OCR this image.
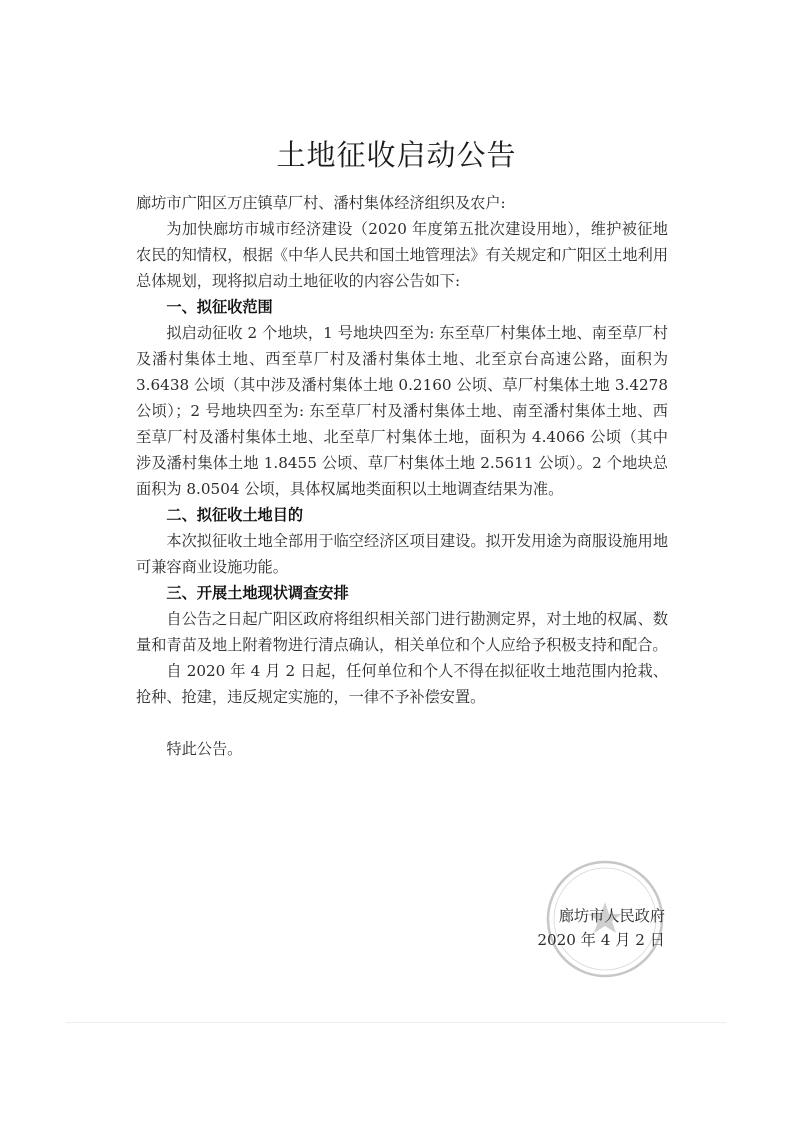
土地征收启动公告

廊坊市广阳区万庄镇草厂村、潘村集体经济组织及农户:

为加快廊坊市城市经济建设（2020 年度第五批次建设用地），维护被征地农民的知情权，根据《中华人民共和国土地管理法》有关规定和广阳区土地利用总体规划，现将拟启动土地征收的内容公告如下:

一、拟征收范围

拟启动征收 2 个地块，1 号地块四至为: 东至草厂村集体土地、南至草厂村及潘村集体土地、西至草厂村及潘村集体土地、北至京台高速公路，面积为 3.6438 公顷（其中涉及潘村集体土地 0.2160 公顷、草厂村集体土地 3.4278 公顷）；2 号地块四至为: 东至草厂村及潘村集体土地、南至潘村集体土地、西至草厂村及潘村集体土地、北至草厂村集体土地，面积为 4.4066 公顷（其中涉及潘村集体土地 1.8455 公顷、草厂村集体土地 2.5611 公顷）。2 个地块总面积为 8.0504 公顷，具体权属地类面积以土地调查结果为准。

二、拟征收土地目的

本次拟征收土地全部用于临空经济区项目建设。拟开发用途为商服设施用地可兼容商业设施功能。

三、开展土地现状调查安排

自公告之日起广阳区政府将组织相关部门进行勘测定界，对土地的权属、数量和青苗及地上附着物进行清点确认，相关单位和个人应给予积极支持和配合。

自 2020 年 4 月 2 日起，任何单位和个人不得在拟征收土地范围内抢栽、抢种、抢建，违反规定实施的，一律不予补偿安置。

特此公告。

廊坊市人民政府
2020 年 4 月 2 日
